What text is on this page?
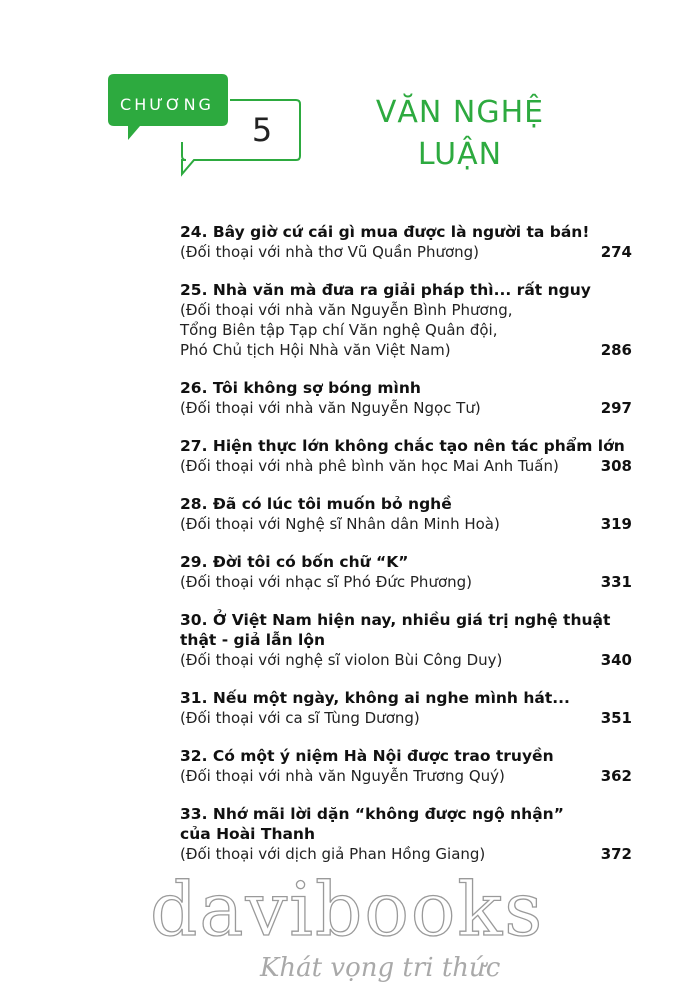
CHƯƠNG
5	VĂN NGHỆ
LUẬN
24. Bây giờ cứ cái gì mua được là người ta bán!
(Đối thoại với nhà thơ Vũ Quần Phương)	274
25. Nhà văn mà đưa ra giải pháp thì... rất nguy
(Đối thoại với nhà văn Nguyễn Bình Phương,
Tổng Biên tập Tạp chí Văn nghệ Quân đội,
Phó Chủ tịch Hội Nhà văn Việt Nam)	286
26. Tôi không sợ bóng mình
(Đối thoại với nhà văn Nguyễn Ngọc Tư)	297
27. Hiện thực lớn không chắc tạo nên tác phẩm lớn
(Đối thoại với nhà phê bình văn học Mai Anh Tuấn)	308
28. Đã có lúc tôi muốn bỏ nghề
(Đối thoại với Nghệ sĩ Nhân dân Minh Hoà)	319
29. Đời tôi có bốn chữ “K”
(Đối thoại với nhạc sĩ Phó Đức Phương)	331
30. Ở Việt Nam hiện nay, nhiều giá trị nghệ thuật
thật - giả lẫn lộn
(Đối thoại với nghệ sĩ violon Bùi Công Duy)	340
31. Nếu một ngày, không ai nghe mình hát...
(Đối thoại với ca sĩ Tùng Dương)	351
32. Có một ý niệm Hà Nội được trao truyền
(Đối thoại với nhà văn Nguyễn Trương Quý)	362
33. Nhớ mãi lời dặn “không được ngộ nhận”
của Hoài Thanh
(Đối thoại với dịch giả Phan Hồng Giang)	372
davibooks
Khát vọng tri thức
